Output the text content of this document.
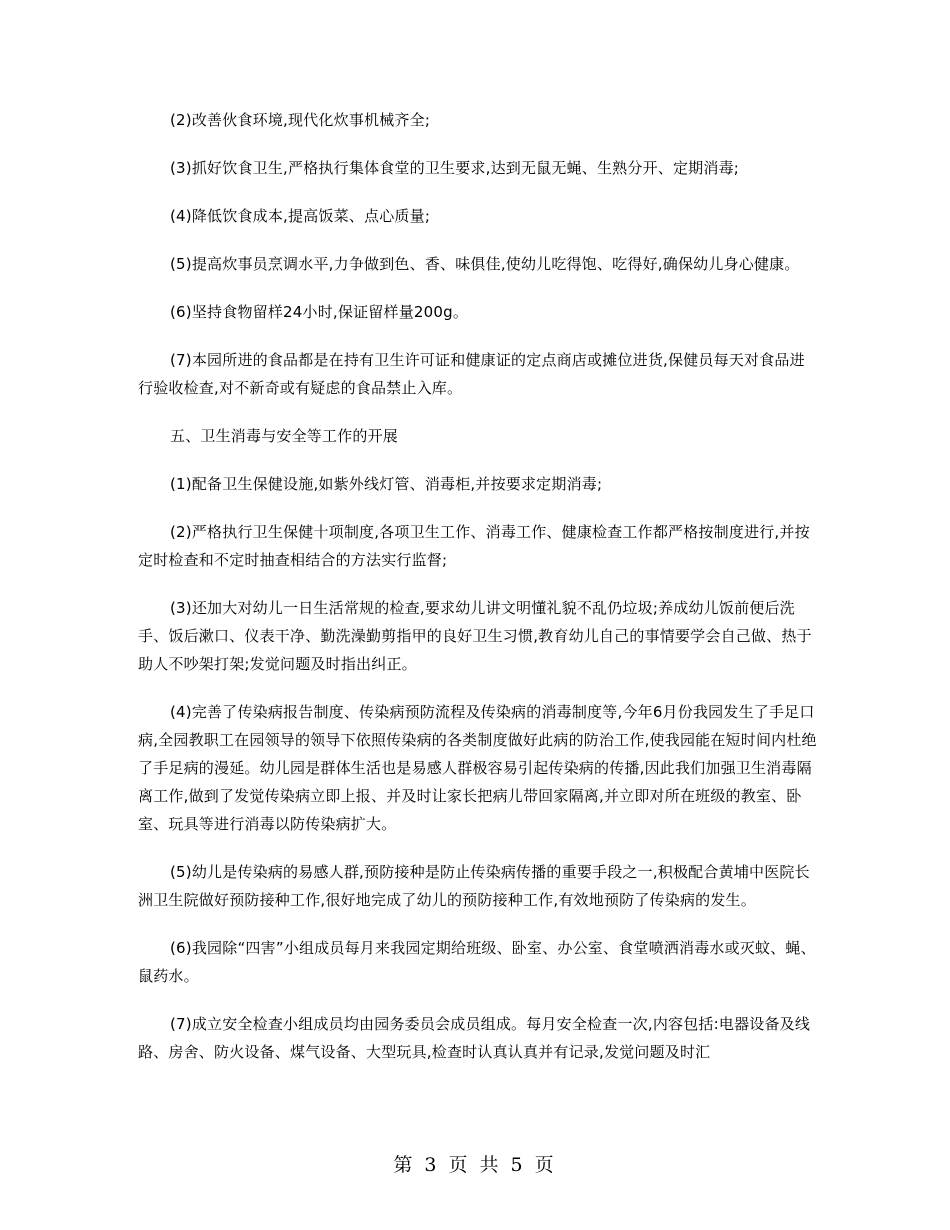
(2)改善伙食环境,现代化炊事机械齐全;

(3)抓好饮食卫生,严格执行集体食堂的卫生要求,达到无鼠无蝇、生熟分开、定期消毒;

(4)降低饮食成本,提高饭菜、点心质量;

(5)提高炊事员烹调水平,力争做到色、香、味俱佳,使幼儿吃得饱、吃得好,确保幼儿身心健康。

(6)坚持食物留样24小时,保证留样量200g。

(7)本园所进的食品都是在持有卫生许可证和健康证的定点商店或摊位进货,保健员每天对食品进行验收检查,对不新奇或有疑虑的食品禁止入库。

五、卫生消毒与安全等工作的开展

(1)配备卫生保健设施,如紫外线灯管、消毒柜,并按要求定期消毒;

(2)严格执行卫生保健十项制度,各项卫生工作、消毒工作、健康检查工作都严格按制度进行,并按定时检查和不定时抽查相结合的方法实行监督;

(3)还加大对幼儿一日生活常规的检查,要求幼儿讲文明懂礼貌不乱仍垃圾;养成幼儿饭前便后洗手、饭后漱口、仪表干净、勤洗澡勤剪指甲的良好卫生习惯,教育幼儿自己的事情要学会自己做、热于助人不吵架打架;发觉问题及时指出纠正。

(4)完善了传染病报告制度、传染病预防流程及传染病的消毒制度等,今年6月份我园发生了手足口病,全园教职工在园领导的领导下依照传染病的各类制度做好此病的防治工作,使我园能在短时间内杜绝了手足病的漫延。幼儿园是群体生活也是易感人群极容易引起传染病的传播,因此我们加强卫生消毒隔离工作,做到了发觉传染病立即上报、并及时让家长把病儿带回家隔离,并立即对所在班级的教室、卧室、玩具等进行消毒以防传染病扩大。

(5)幼儿是传染病的易感人群,预防接种是防止传染病传播的重要手段之一,积极配合黄埔中医院长洲卫生院做好预防接种工作,很好地完成了幼儿的预防接种工作,有效地预防了传染病的发生。

(6)我园除“四害”小组成员每月来我园定期给班级、卧室、办公室、食堂喷洒消毒水或灭蚊、蝇、鼠药水。

(7)成立安全检查小组成员均由园务委员会成员组成。每月安全检查一次,内容包括:电器设备及线路、房舍、防火设备、煤气设备、大型玩具,检查时认真认真并有记录,发觉问题及时汇

第 3 页 共 5 页
